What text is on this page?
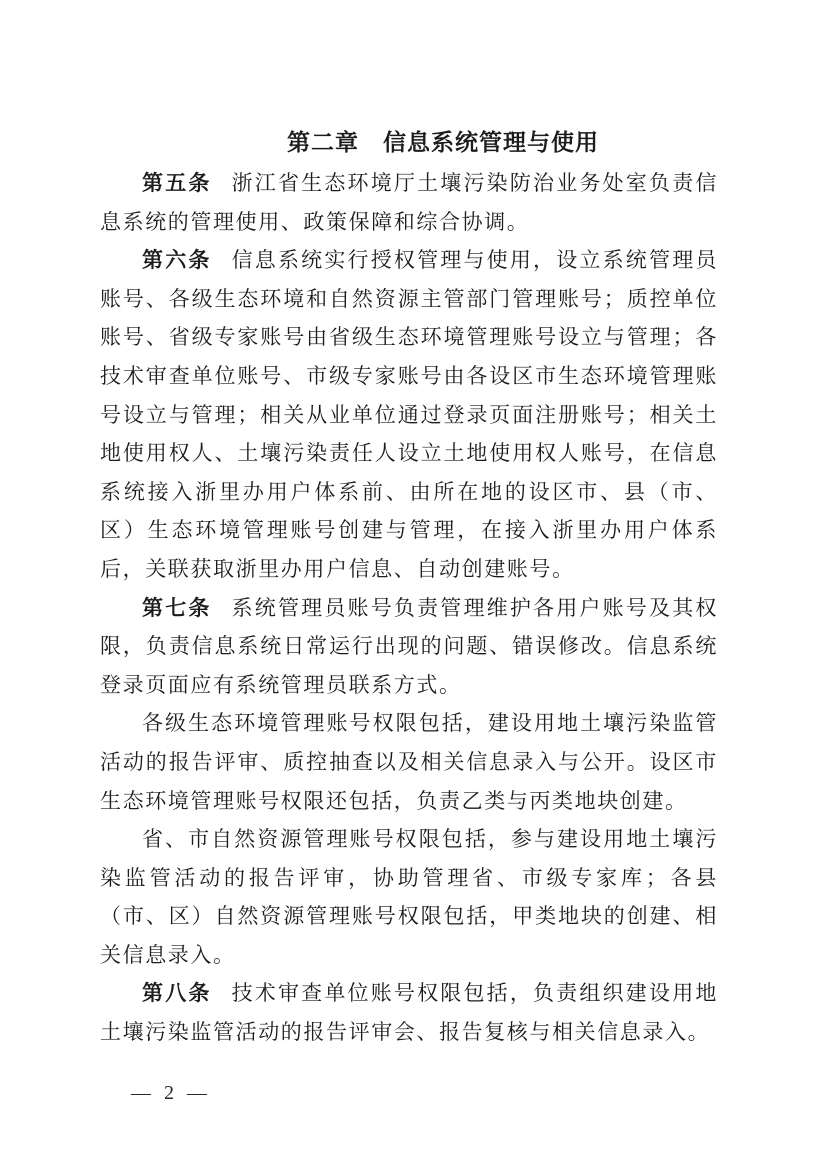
第二章　信息系统管理与使用

第五条 浙江省生态环境厅土壤污染防治业务处室负责信息系统的管理使用、政策保障和综合协调。

第六条 信息系统实行授权管理与使用，设立系统管理员账号、各级生态环境和自然资源主管部门管理账号；质控单位账号、省级专家账号由省级生态环境管理账号设立与管理；各技术审查单位账号、市级专家账号由各设区市生态环境管理账号设立与管理；相关从业单位通过登录页面注册账号；相关土地使用权人、土壤污染责任人设立土地使用权人账号，在信息系统接入浙里办用户体系前、由所在地的设区市、县（市、区）生态环境管理账号创建与管理，在接入浙里办用户体系后，关联获取浙里办用户信息、自动创建账号。

第七条 系统管理员账号负责管理维护各用户账号及其权限，负责信息系统日常运行出现的问题、错误修改。信息系统登录页面应有系统管理员联系方式。

各级生态环境管理账号权限包括，建设用地土壤污染监管活动的报告评审、质控抽查以及相关信息录入与公开。设区市生态环境管理账号权限还包括，负责乙类与丙类地块创建。

省、市自然资源管理账号权限包括，参与建设用地土壤污染监管活动的报告评审，协助管理省、市级专家库；各县（市、区）自然资源管理账号权限包括，甲类地块的创建、相关信息录入。

第八条 技术审查单位账号权限包括，负责组织建设用地土壤污染监管活动的报告评审会、报告复核与相关信息录入。

— 2 —
